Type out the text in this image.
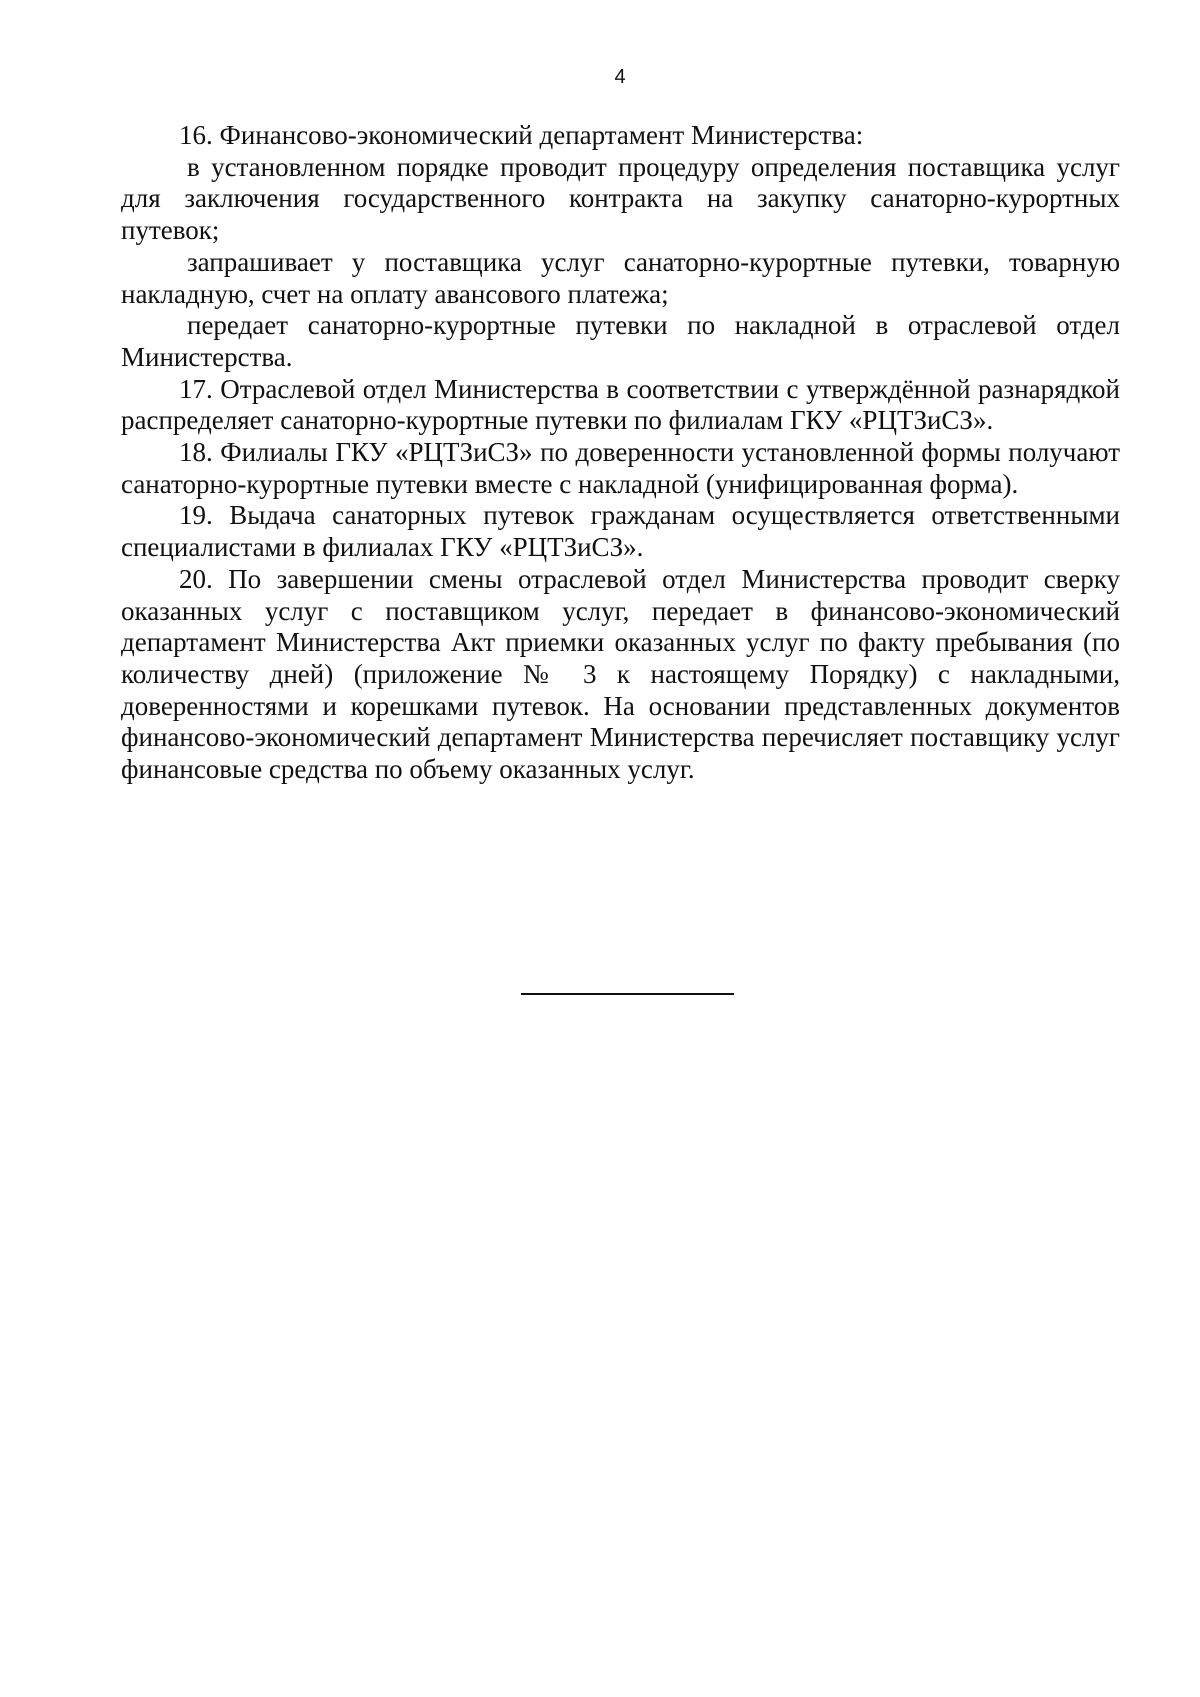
4

16. Финансово-экономический департамент Министерства:

в установленном порядке проводит процедуру определения поставщика услуг для заключения государственного контракта на закупку санаторно-курортных путевок;

запрашивает у поставщика услуг санаторно-курортные путевки, товарную накладную, счет на оплату авансового платежа;

передает санаторно-курортные путевки по накладной в отраслевой отдел Министерства.

17. Отраслевой отдел Министерства в соответствии с утверждённой разнарядкой распределяет санаторно-курортные путевки по филиалам ГКУ «РЦТЗиСЗ».

18. Филиалы ГКУ «РЦТЗиСЗ» по доверенности установленной формы получают санаторно-курортные путевки вместе с накладной (унифицированная форма).

19. Выдача санаторных путевок гражданам осуществляется ответственными специалистами в филиалах ГКУ «РЦТЗиСЗ».

20. По завершении смены отраслевой отдел Министерства проводит сверку оказанных услуг с поставщиком услуг, передает в финансово-экономический департамент Министерства Акт приемки оказанных услуг по факту пребывания (по количеству дней) (приложение № 3 к настоящему Порядку) с накладными, доверенностями и корешками путевок. На основании представленных документов финансово-экономический департамент Министерства перечисляет поставщику услуг финансовые средства по объему оказанных услуг.
